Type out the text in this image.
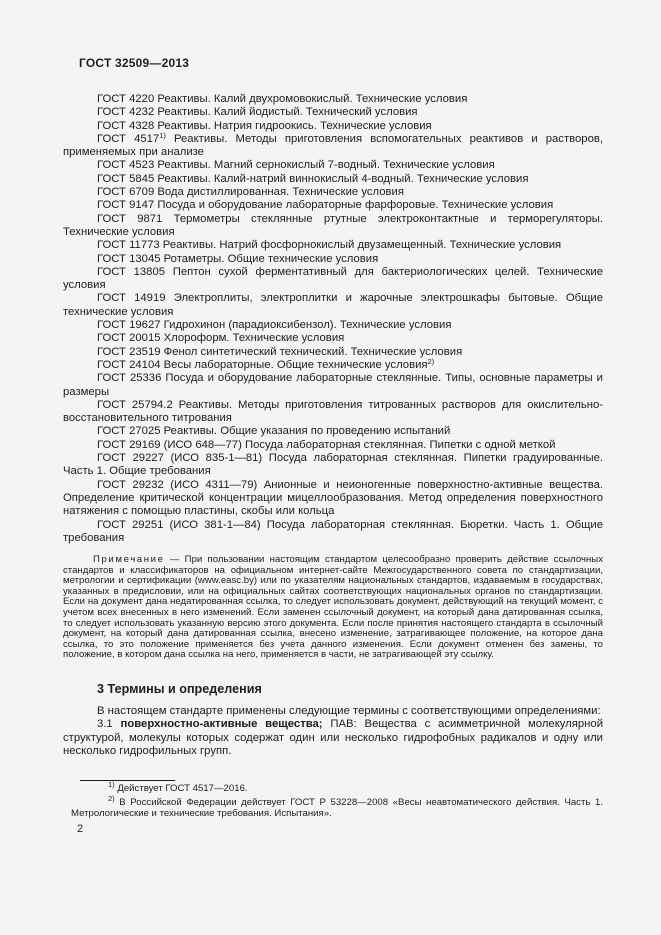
ГОСТ 32509—2013

ГОСТ 4220 Реактивы. Калий двухромовокислый. Технические условия

ГОСТ 4232 Реактивы. Калий йодистый. Технический условия

ГОСТ 4328 Реактивы. Натрия гидроокись. Технические условия

ГОСТ 4517$^{1)}$ Реактивы. Методы приготовления вспомогательных реактивов и растворов, применяемых при анализе

ГОСТ 4523 Реактивы. Магний сернокислый 7-водный. Технические условия

ГОСТ 5845 Реактивы. Калий-натрий виннокислый 4-водный. Технические условия

ГОСТ 6709 Вода дистиллированная. Технические условия

ГОСТ 9147 Посуда и оборудование лабораторные фарфоровые. Технические условия

ГОСТ 9871 Термометры стеклянные ртутные электроконтактные и терморегуляторы. Технические условия

ГОСТ 11773 Реактивы. Натрий фосфорнокислый двузамещенный. Технические условия

ГОСТ 13045 Ротаметры. Общие технические условия

ГОСТ 13805 Пептон сухой ферментативный для бактериологических целей. Технические условия

ГОСТ 14919 Электроплиты, электроплитки и жарочные электрошкафы бытовые. Общие технические условия

ГОСТ 19627 Гидрохинон (парадиоксибензол). Технические условия

ГОСТ 20015 Хлороформ. Технические условия

ГОСТ 23519 Фенол синтетический технический. Технические условия

ГОСТ 24104 Весы лабораторные. Общие технические условия$^{2)}$

ГОСТ 25336 Посуда и оборудование лабораторные стеклянные. Типы, основные параметры и размеры

ГОСТ 25794.2 Реактивы. Методы приготовления титрованных растворов для окислительно-восстановительного титрования

ГОСТ 27025 Реактивы. Общие указания по проведению испытаний

ГОСТ 29169 (ИСО 648—77) Посуда лабораторная стеклянная. Пипетки с одной меткой

ГОСТ 29227 (ИСО 835-1—81) Посуда лабораторная стеклянная. Пипетки градуированные. Часть 1. Общие требования

ГОСТ 29232 (ИСО 4311—79) Анионные и неионогенные поверхностно-активные вещества. Определение критической концентрации мицеллообразования. Метод определения поверхностного натяжения с помощью пластины, скобы или кольца

ГОСТ 29251 (ИСО 381-1—84) Посуда лабораторная стеклянная. Бюретки. Часть 1. Общие требования

Примечание — При пользовании настоящим стандартом целесообразно проверить действие ссылочных стандартов и классификаторов на официальном интернет-сайте Межгосударственного совета по стандартизации, метрологии и сертификации (www.easc.by) или по указателям национальных стандартов, издаваемым в государствах, указанных в предисловии, или на официальных сайтах соответствующих национальных органов по стандартизации. Если на документ дана недатированная ссылка, то следует использовать документ, действующий на текущий момент, с учетом всех внесенных в него изменений. Если заменен ссылочный документ, на который дана датированная ссылка, то следует использовать указанную версию этого документа. Если после принятия настоящего стандарта в ссылочный документ, на который дана датированная ссылка, внесено изменение, затрагивающее положение, на которое дана ссылка, то это положение применяется без учета данного изменения. Если документ отменен без замены, то положение, в котором дана ссылка на него, применяется в части, не затрагивающей эту ссылку.
3 Термины и определения

В настоящем стандарте применены следующие термины с соответствующими определениями:

3.1 поверхностно-активные вещества; ПАВ: Вещества с асимметричной молекулярной структурой, молекулы которых содержат один или несколько гидрофобных радикалов и одну или несколько гидрофильных групп.

$^{1)}$ Действует ГОСТ 4517—2016.

$^{2)}$ В Российской Федерации действует ГОСТ Р 53228—2008 «Весы неавтоматического действия. Часть 1. Метрологические и технические требования. Испытания».

2
